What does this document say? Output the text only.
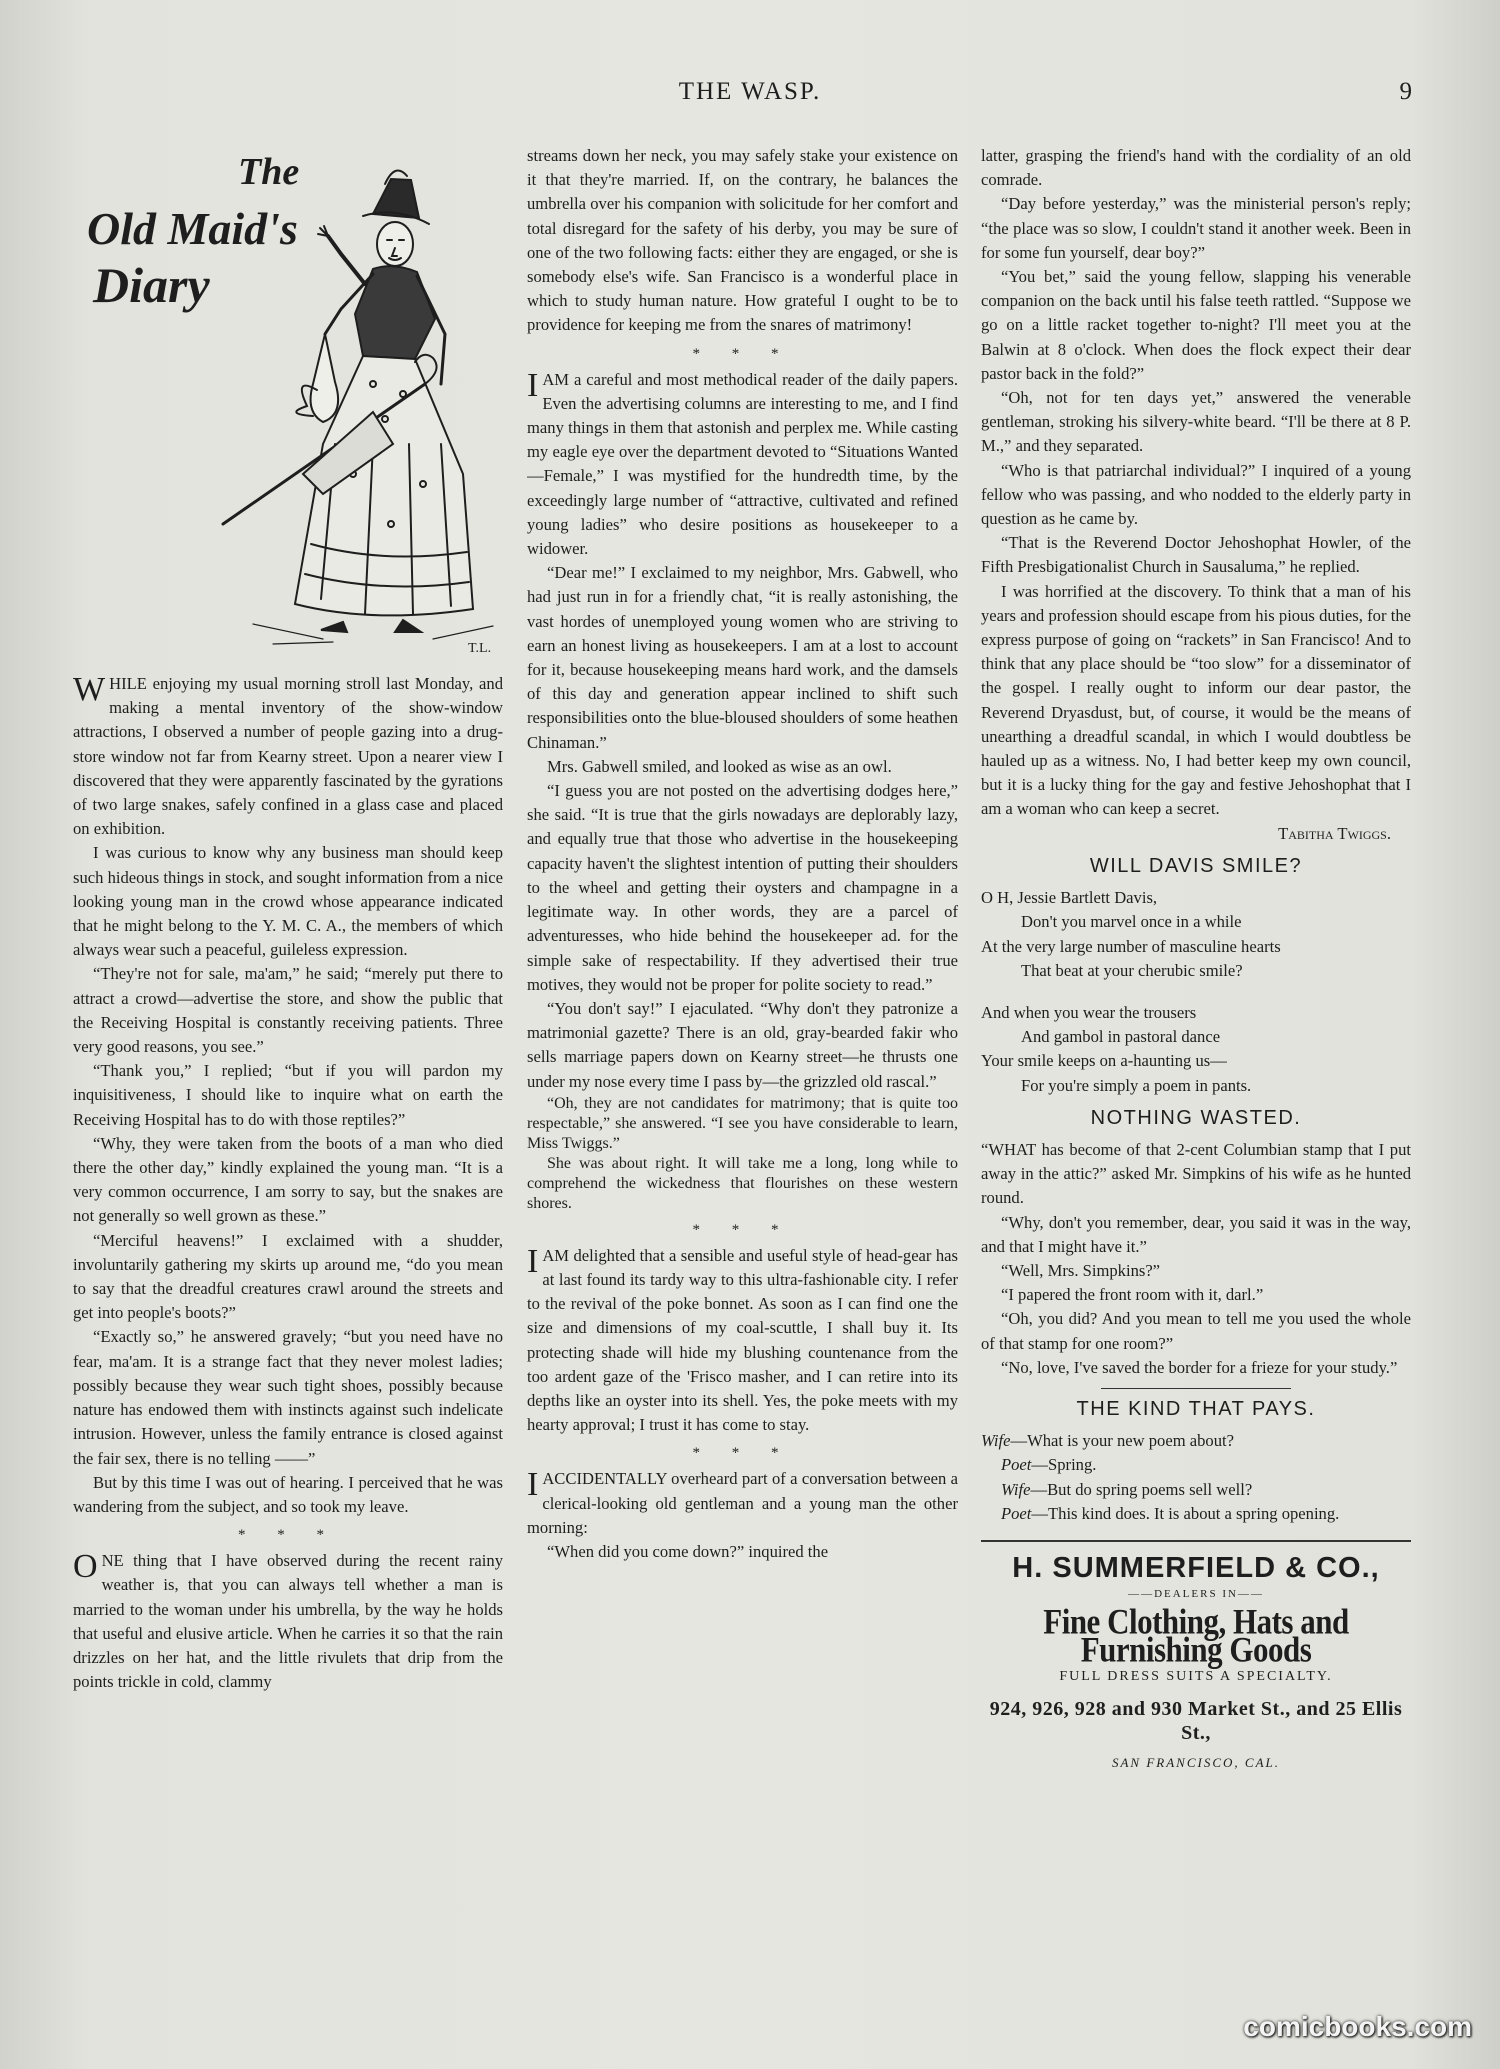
THE WASP.	9
The
Old Maid's
Diary
T.L.

WHILE enjoying my usual morning stroll last Monday, and making a mental inventory of the show-window attractions, I observed a number of people gazing into a drug-store window not far from Kearny street. Upon a nearer view I discovered that they were apparently fascinated by the gyrations of two large snakes, safely confined in a glass case and placed on exhibition.

I was curious to know why any business man should keep such hideous things in stock, and sought information from a nice looking young man in the crowd whose appearance indicated that he might belong to the Y. M. C. A., the members of which always wear such a peaceful, guileless expression.

“They're not for sale, ma'am,” he said; “merely put there to attract a crowd—advertise the store, and show the public that the Receiving Hospital is constantly receiving patients. Three very good reasons, you see.”

“Thank you,” I replied; “but if you will pardon my inquisitiveness, I should like to inquire what on earth the Receiving Hospital has to do with those reptiles?”

“Why, they were taken from the boots of a man who died there the other day,” kindly explained the young man. “It is a very common occurrence, I am sorry to say, but the snakes are not generally so well grown as these.”

“Merciful heavens!” I exclaimed with a shudder, involuntarily gathering my skirts up around me, “do you mean to say that the dreadful creatures crawl around the streets and get into people's boots?”

“Exactly so,” he answered gravely; “but you need have no fear, ma'am. It is a strange fact that they never molest ladies; possibly because they wear such tight shoes, possibly because nature has endowed them with instincts against such indelicate intrusion. However, unless the family entrance is closed against the fair sex, there is no telling ——”

But by this time I was out of hearing. I perceived that he was wandering from the subject, and so took my leave.

* * *

ONE thing that I have observed during the recent rainy weather is, that you can always tell whether a man is married to the woman under his umbrella, by the way he holds that useful and elusive article. When he carries it so that the rain drizzles on her hat, and the little rivulets that drip from the points trickle in cold, clammy

streams down her neck, you may safely stake your existence on it that they're married. If, on the contrary, he balances the umbrella over his companion with solicitude for her comfort and total disregard for the safety of his derby, you may be sure of one of the two following facts: either they are engaged, or she is somebody else's wife. San Francisco is a wonderful place in which to study human nature. How grateful I ought to be to providence for keeping me from the snares of matrimony!

* * *

I AM a careful and most methodical reader of the daily papers. Even the advertising columns are interesting to me, and I find many things in them that astonish and perplex me. While casting my eagle eye over the department devoted to “Situations Wanted—Female,” I was mystified for the hundredth time, by the exceedingly large number of “attractive, cultivated and refined young ladies” who desire positions as housekeeper to a widower.

“Dear me!” I exclaimed to my neighbor, Mrs. Gabwell, who had just run in for a friendly chat, “it is really astonishing, the vast hordes of unemployed young women who are striving to earn an honest living as housekeepers. I am at a lost to account for it, because housekeeping means hard work, and the damsels of this day and generation appear inclined to shift such responsibilities onto the blue-bloused shoulders of some heathen Chinaman.”

Mrs. Gabwell smiled, and looked as wise as an owl.

“I guess you are not posted on the advertising dodges here,” she said. “It is true that the girls nowadays are deplorably lazy, and equally true that those who advertise in the housekeeping capacity haven't the slightest intention of putting their shoulders to the wheel and getting their oysters and champagne in a legitimate way. In other words, they are a parcel of adventuresses, who hide behind the housekeeper ad. for the simple sake of respectability. If they advertised their true motives, they would not be proper for polite society to read.”

“You don't say!” I ejaculated. “Why don't they patronize a matrimonial gazette? There is an old, gray-bearded fakir who sells marriage papers down on Kearny street—he thrusts one under my nose every time I pass by—the grizzled old rascal.”

“Oh, they are not candidates for matrimony; that is quite too respectable,” she answered. “I see you have considerable to learn, Miss Twiggs.”

She was about right. It will take me a long, long while to comprehend the wickedness that flourishes on these western shores.

* * *

I AM delighted that a sensible and useful style of head-gear has at last found its tardy way to this ultra-fashionable city. I refer to the revival of the poke bonnet. As soon as I can find one the size and dimensions of my coal-scuttle, I shall buy it. Its protecting shade will hide my blushing countenance from the too ardent gaze of the 'Frisco masher, and I can retire into its depths like an oyster into its shell. Yes, the poke meets with my hearty approval; I trust it has come to stay.

* * *

I ACCIDENTALLY overheard part of a conversation between a clerical-looking old gentleman and a young man the other morning:

“When did you come down?” inquired the

latter, grasping the friend's hand with the cordiality of an old comrade.

“Day before yesterday,” was the ministerial person's reply; “the place was so slow, I couldn't stand it another week. Been in for some fun yourself, dear boy?”

“You bet,” said the young fellow, slapping his venerable companion on the back until his false teeth rattled. “Suppose we go on a little racket together to-night? I'll meet you at the Balwin at 8 o'clock. When does the flock expect their dear pastor back in the fold?”

“Oh, not for ten days yet,” answered the venerable gentleman, stroking his silvery-white beard. “I'll be there at 8 P. M.,” and they separated.

“Who is that patriarchal individual?” I inquired of a young fellow who was passing, and who nodded to the elderly party in question as he came by.

“That is the Reverend Doctor Jehoshophat Howler, of the Fifth Presbigationalist Church in Sausaluma,” he replied.

I was horrified at the discovery. To think that a man of his years and profession should escape from his pious duties, for the express purpose of going on “rackets” in San Francisco! And to think that any place should be “too slow” for a disseminator of the gospel. I really ought to inform our dear pastor, the Reverend Dryasdust, but, of course, it would be the means of unearthing a dreadful scandal, in which I would doubtless be hauled up as a witness. No, I had better keep my own council, but it is a lucky thing for the gay and festive Jehoshophat that I am a woman who can keep a secret.

Tabitha Twiggs.

WILL DAVIS SMILE?

O H, Jessie Bartlett Davis,

Don't you marvel once in a while

At the very large number of masculine hearts

That beat at your cherubic smile?

And when you wear the trousers

And gambol in pastoral dance

Your smile keeps on a-haunting us—

For you're simply a poem in pants.

NOTHING WASTED.

“WHAT has become of that 2-cent Columbian stamp that I put away in the attic?” asked Mr. Simpkins of his wife as he hunted round.

“Why, don't you remember, dear, you said it was in the way, and that I might have it.”

“Well, Mrs. Simpkins?”

“I papered the front room with it, darl.”

“Oh, you did? And you mean to tell me you used the whole of that stamp for one room?”

“No, love, I've saved the border for a frieze for your study.”

THE KIND THAT PAYS.

Wife—What is your new poem about?

Poet—Spring.

Wife—But do spring poems sell well?

Poet—This kind does. It is about a spring opening.

H. SUMMERFIELD & CO.,
——DEALERS IN——
Fine Clothing, Hats and Furnishing Goods
FULL DRESS SUITS A SPECIALTY.
924, 926, 928 and 930 Market St., and 25 Ellis St.,
SAN FRANCISCO, CAL.
comicbooks.com
